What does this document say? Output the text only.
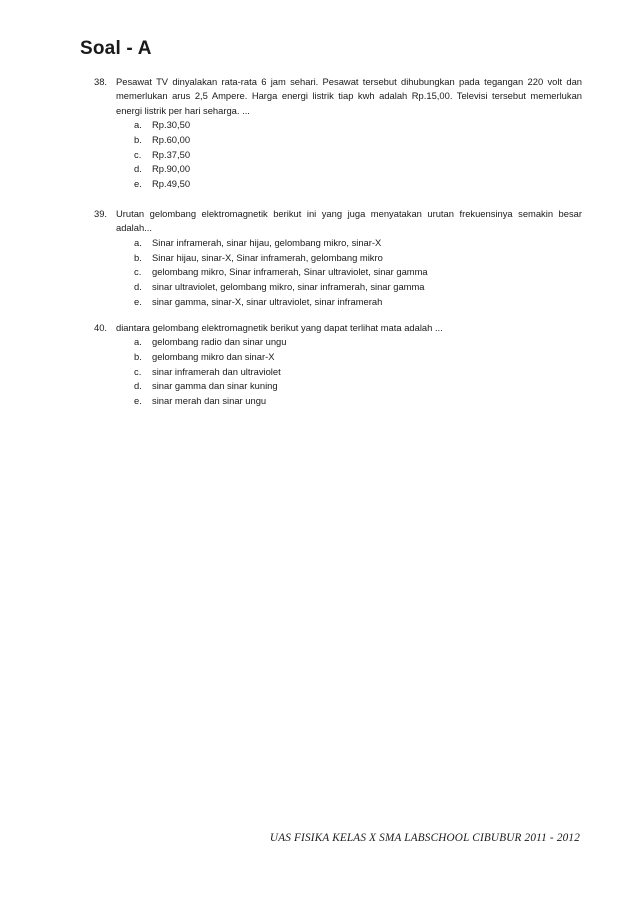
Soal - A
38. Pesawat TV dinyalakan rata-rata 6 jam sehari. Pesawat tersebut dihubungkan pada tegangan 220 volt dan memerlukan arus 2,5 Ampere. Harga energi listrik tiap kwh adalah Rp.15,00. Televisi tersebut memerlukan energi listrik per hari seharga. ...
a. Rp.30,50
b. Rp.60,00
c. Rp.37,50
d. Rp.90,00
e. Rp.49,50
39. Urutan gelombang elektromagnetik berikut ini yang juga menyatakan urutan frekuensinya semakin besar adalah...
a. Sinar inframerah, sinar hijau, gelombang mikro, sinar-X
b. Sinar hijau, sinar-X, Sinar inframerah, gelombang mikro
c. gelombang mikro, Sinar inframerah, Sinar ultraviolet, sinar gamma
d. sinar ultraviolet, gelombang mikro, sinar inframerah, sinar gamma
e. sinar gamma, sinar-X, sinar ultraviolet, sinar inframerah
40. diantara gelombang elektromagnetik berikut yang dapat terlihat mata adalah ...
a. gelombang radio dan sinar ungu
b. gelombang mikro dan sinar-X
c. sinar inframerah dan ultraviolet
d. sinar gamma dan sinar kuning
e. sinar merah dan sinar ungu

UAS FISIKA KELAS X SMA LABSCHOOL CIBUBUR 2011 - 2012
